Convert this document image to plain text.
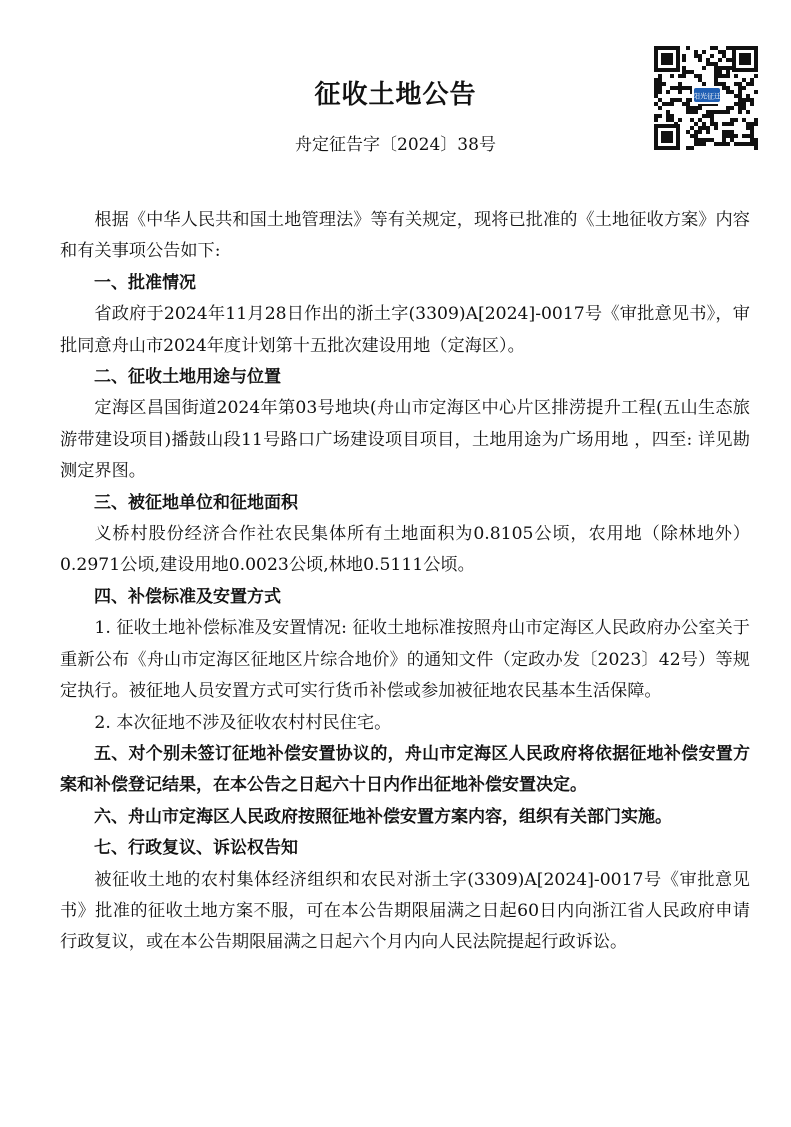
阳光征迁
征收土地公告
舟定征告字〔2024〕38号

根据《中华人民共和国土地管理法》等有关规定，现将已批准的《土地征收方案》内容和有关事项公告如下:

一、批准情况

省政府于2024年11月28日作出的浙土字(3309)A[2024]-0017号《审批意见书》，审批同意舟山市2024年度计划第十五批次建设用地（定海区）。

二、征收土地用途与位置

定海区昌国街道2024年第03号地块(舟山市定海区中心片区排涝提升工程(五山生态旅游带建设项目)播鼓山段11号路口广场建设项目项目，土地用途为广场用地 ，四至: 详见勘测定界图。

三、被征地单位和征地面积

义桥村股份经济合作社农民集体所有土地面积为0.8105公顷，农用地（除林地外）0.2971公顷,建设用地0.0023公顷,林地0.5111公顷。

四、补偿标准及安置方式

1. 征收土地补偿标准及安置情况: 征收土地标准按照舟山市定海区人民政府办公室关于重新公布《舟山市定海区征地区片综合地价》的通知文件（定政办发〔2023〕42号）等规定执行。被征地人员安置方式可实行货币补偿或参加被征地农民基本生活保障。

2. 本次征地不涉及征收农村村民住宅。

五、对个别未签订征地补偿安置协议的，舟山市定海区人民政府将依据征地补偿安置方案和补偿登记结果，在本公告之日起六十日内作出征地补偿安置决定。

六、舟山市定海区人民政府按照征地补偿安置方案内容，组织有关部门实施。

七、行政复议、诉讼权告知

被征收土地的农村集体经济组织和农民对浙土字(3309)A[2024]-0017号《审批意见书》批准的征收土地方案不服，可在本公告期限届满之日起60日内向浙江省人民政府申请行政复议，或在本公告期限届满之日起六个月内向人民法院提起行政诉讼。
